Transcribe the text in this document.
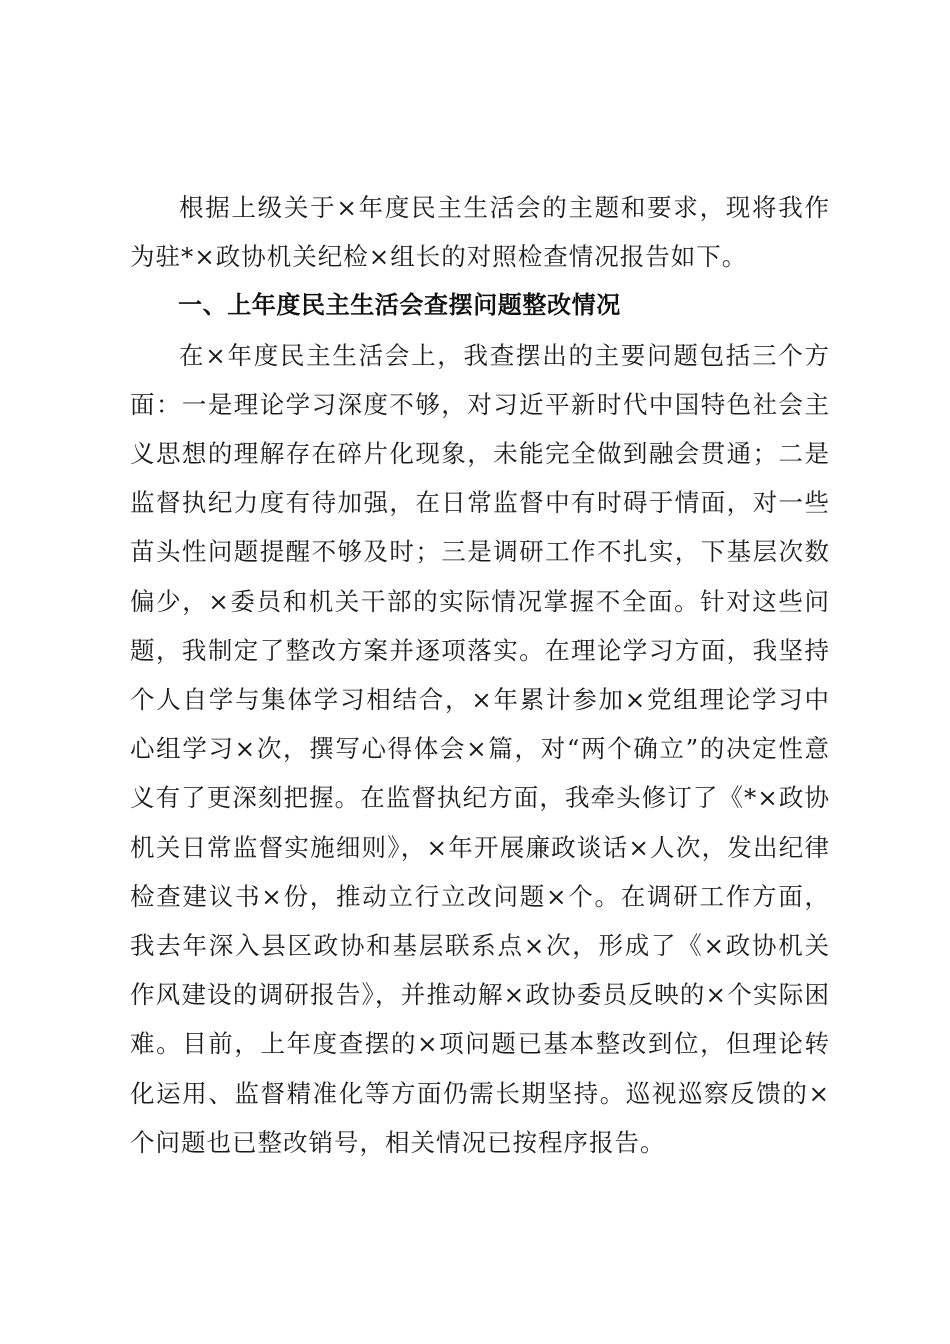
根据上级关于×年度民主生活会的主题和要求，现将我作为驻*×政协机关纪检×组长的对照检查情况报告如下。

一、上年度民主生活会查摆问题整改情况

在×年度民主生活会上，我查摆出的主要问题包括三个方面：一是理论学习深度不够，对习近平新时代中国特色社会主义思想的理解存在碎片化现象，未能完全做到融会贯通；二是监督执纪力度有待加强，在日常监督中有时碍于情面，对一些苗头性问题提醒不够及时；三是调研工作不扎实，下基层次数偏少，×委员和机关干部的实际情况掌握不全面。针对这些问题，我制定了整改方案并逐项落实。在理论学习方面，我坚持个人自学与集体学习相结合，×年累计参加×党组理论学习中心组学习×次，撰写心得体会×篇，对“两个确立”的决定性意义有了更深刻把握。在监督执纪方面，我牵头修订了《*×政协机关日常监督实施细则》，×年开展廉政谈话×人次，发出纪律检查建议书×份，推动立行立改问题×个。在调研工作方面，我去年深入县区政协和基层联系点×次，形成了《×政协机关作风建设的调研报告》，并推动解×政协委员反映的×个实际困难。目前，上年度查摆的×项问题已基本整改到位，但理论转化运用、监督精准化等方面仍需长期坚持。巡视巡察反馈的×个问题也已整改销号，相关情况已按程序报告。
